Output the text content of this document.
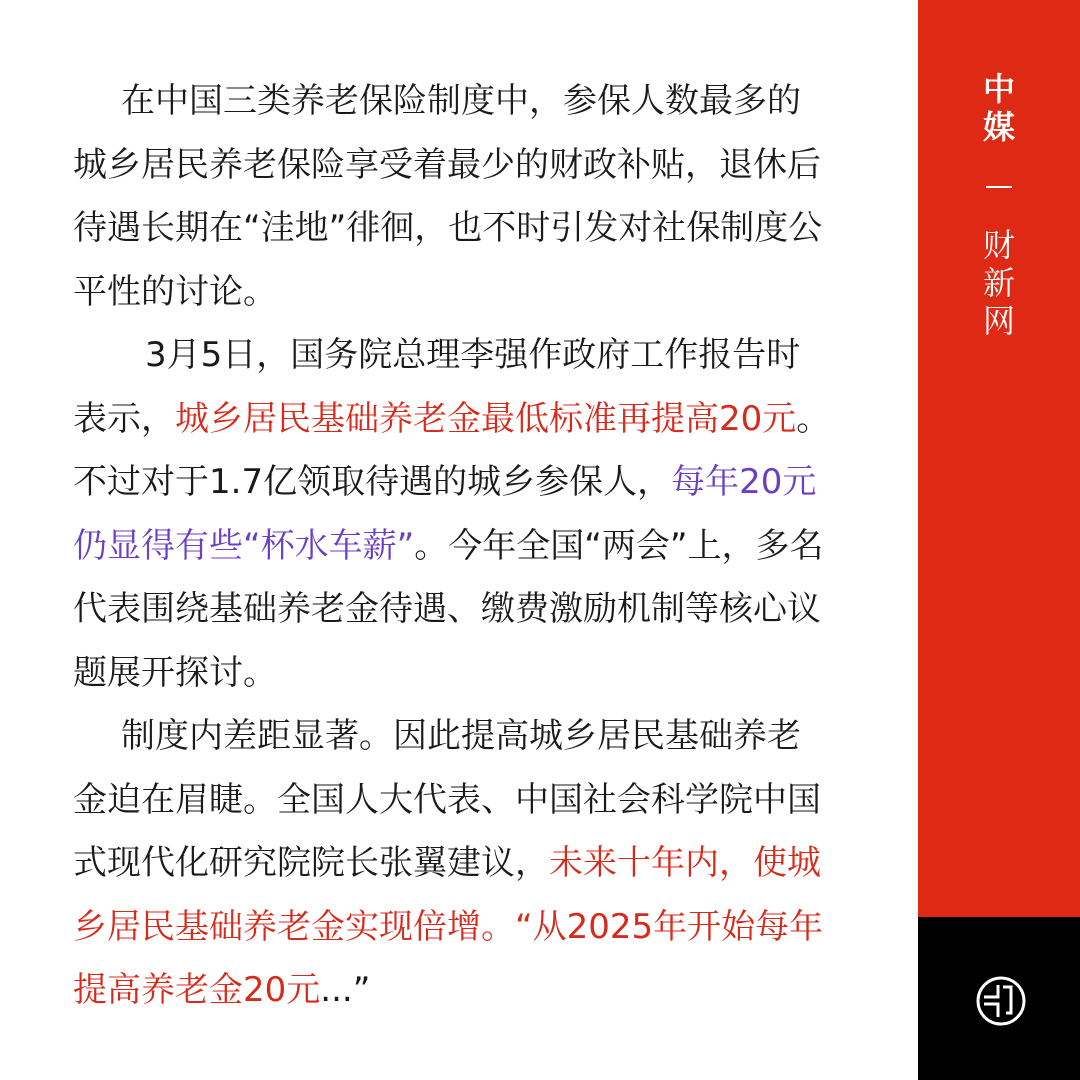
在中国三类养老保险制度中，参保人数最多的城乡居民养老保险享受着最少的财政补贴，退休后待遇长期在“洼地”徘徊，也不时引发对社保制度公平性的讨论。

3月5日，国务院总理李强作政府工作报告时表示，城乡居民基础养老金最低标准再提高20元。不过对于1.7亿领取待遇的城乡参保人，每年20元仍显得有些“杯水车薪”。今年全国“两会”上，多名代表围绕基础养老金待遇、缴费激励机制等核心议题展开探讨。

制度内差距显著。因此提高城乡居民基础养老金迫在眉睫。全国人大代表、中国社会科学院中国式现代化研究院院长张翼建议，未来十年内，使城乡居民基础养老金实现倍增。“从2025年开始每年提高养老金20元...”

中
媒
财
新
网
